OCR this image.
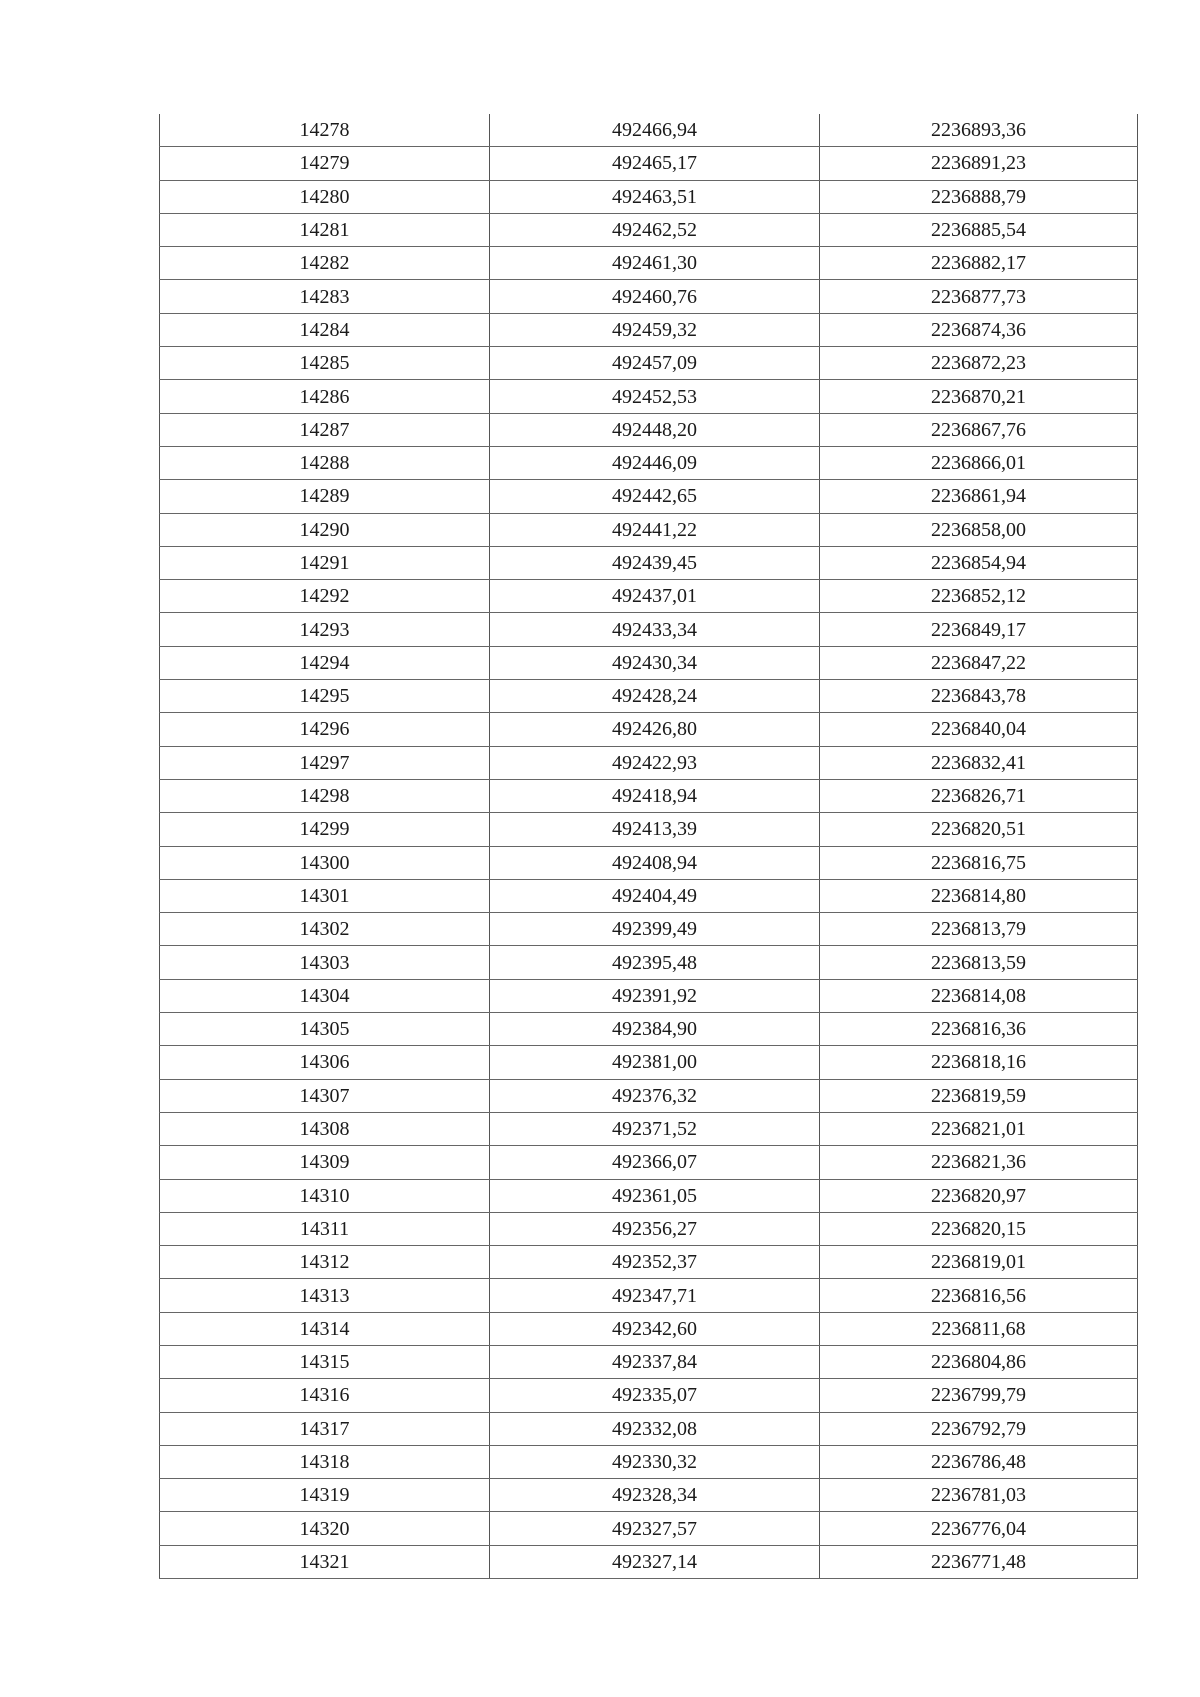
14278	492466,94	2236893,36
14279	492465,17	2236891,23
14280	492463,51	2236888,79
14281	492462,52	2236885,54
14282	492461,30	2236882,17
14283	492460,76	2236877,73
14284	492459,32	2236874,36
14285	492457,09	2236872,23
14286	492452,53	2236870,21
14287	492448,20	2236867,76
14288	492446,09	2236866,01
14289	492442,65	2236861,94
14290	492441,22	2236858,00
14291	492439,45	2236854,94
14292	492437,01	2236852,12
14293	492433,34	2236849,17
14294	492430,34	2236847,22
14295	492428,24	2236843,78
14296	492426,80	2236840,04
14297	492422,93	2236832,41
14298	492418,94	2236826,71
14299	492413,39	2236820,51
14300	492408,94	2236816,75
14301	492404,49	2236814,80
14302	492399,49	2236813,79
14303	492395,48	2236813,59
14304	492391,92	2236814,08
14305	492384,90	2236816,36
14306	492381,00	2236818,16
14307	492376,32	2236819,59
14308	492371,52	2236821,01
14309	492366,07	2236821,36
14310	492361,05	2236820,97
14311	492356,27	2236820,15
14312	492352,37	2236819,01
14313	492347,71	2236816,56
14314	492342,60	2236811,68
14315	492337,84	2236804,86
14316	492335,07	2236799,79
14317	492332,08	2236792,79
14318	492330,32	2236786,48
14319	492328,34	2236781,03
14320	492327,57	2236776,04
14321	492327,14	2236771,48
